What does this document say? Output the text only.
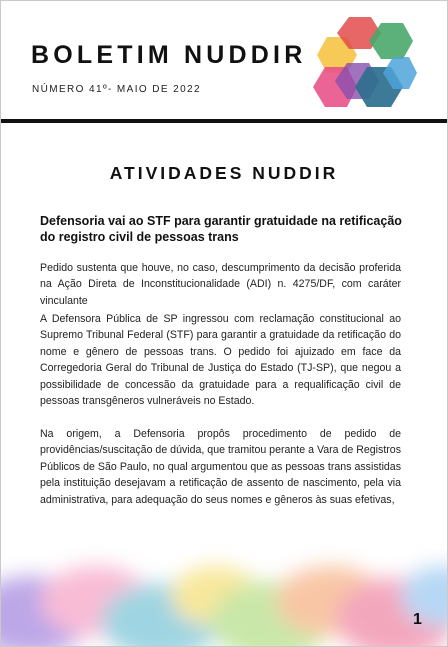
BOLETIM NUDDIR
NÚMERO 41º- MAIO DE 2022
ATIVIDADES NUDDIR
Defensoria vai ao STF para garantir gratuidade na retificação do registro civil de pessoas trans
Pedido sustenta que houve, no caso, descumprimento da decisão proferida na Ação Direta de Inconstitucionalidade (ADI) n. 4275/DF, com caráter vinculante
A Defensora Pública de SP ingressou com reclamação constitucional ao Supremo Tribunal Federal (STF) para garantir a gratuidade da retificação do nome e gênero de pessoas trans. O pedido foi ajuizado em face da Corregedoria Geral do Tribunal de Justiça do Estado (TJ-SP), que negou a possibilidade de concessão da gratuidade para a requalificação civil de pessoas transgêneros vulneráveis no Estado.
Na origem, a Defensoria propôs procedimento de pedido de providências/suscitação de dúvida, que tramitou perante a Vara de Registros Públicos de São Paulo, no qual argumentou que as pessoas trans assistidas pela instituição desejavam a retificação de assento de nascimento, pela via administrativa, para adequação do seus nomes e gêneros às suas efetivas,
1
